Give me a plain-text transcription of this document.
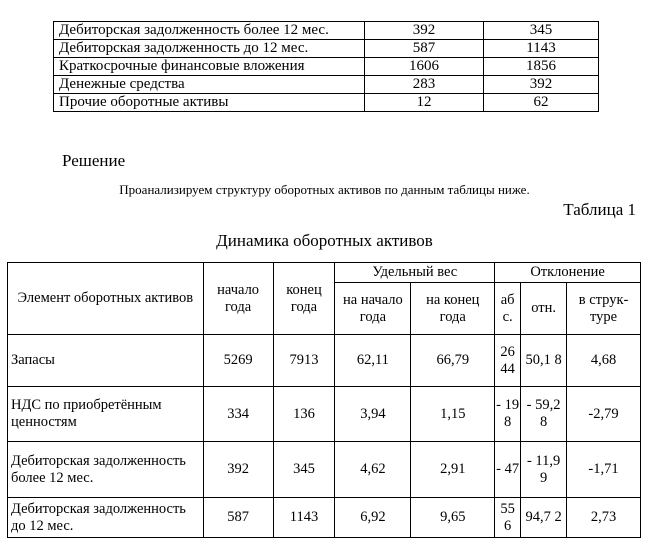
Дебиторская задолженность более 12 мес.	392	345
Дебиторская задолженность до 12 мес.	587	1143
Краткосрочные финансовые вложения	1606	1856
Денежные средства	283	392
Прочие оборотные активы	12	62
Решение
Проанализируем структуру оборотных активов по данным таблицы ниже.
Таблица 1
Динамика оборотных активов
Элемент оборотных активов	начало года	конец года	Удельный вес		Отклонение		
			на начало года	на конец года	аб с.	отн.	в струк- туре
Запасы	5269	7913	62,11	66,79	26 44	50,1 8	4,68
НДС по приобретённым ценностям	334	136	3,94	1,15	- 19 8	- 59,2 8	-2,79
Дебиторская задолженность более 12 мес.	392	345	4,62	2,91	- 47	- 11,9 9	-1,71
Дебиторская задолженность до 12 мес.	587	1143	6,92	9,65	55 6	94,7 2	2,73
